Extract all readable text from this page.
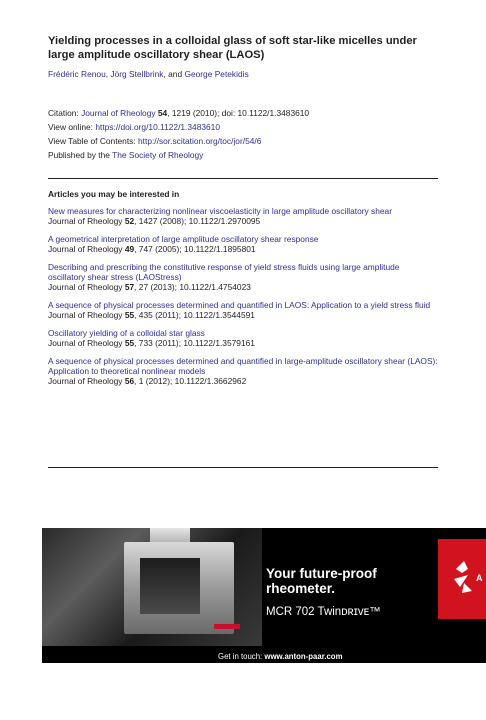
Yielding processes in a colloidal glass of soft star-like micelles under large amplitude oscillatory shear (LAOS)
Frédéric Renou, Jörg Stellbrink, and George Petekidis
Citation: Journal of Rheology 54, 1219 (2010); doi: 10.1122/1.3483610
View online: https://doi.org/10.1122/1.3483610
View Table of Contents: http://sor.scitation.org/toc/jor/54/6
Published by the The Society of Rheology
Articles you may be interested in
New measures for characterizing nonlinear viscoelasticity in large amplitude oscillatory shear
Journal of Rheology 52, 1427 (2008); 10.1122/1.2970095
A geometrical interpretation of large amplitude oscillatory shear response
Journal of Rheology 49, 747 (2005); 10.1122/1.1895801
Describing and prescribing the constitutive response of yield stress fluids using large amplitude oscillatory shear stress (LAOStress)
Journal of Rheology 57, 27 (2013); 10.1122/1.4754023
A sequence of physical processes determined and quantified in LAOS: Application to a yield stress fluid
Journal of Rheology 55, 435 (2011); 10.1122/1.3544591
Oscillatory yielding of a colloidal star glass
Journal of Rheology 55, 733 (2011); 10.1122/1.3579161
A sequence of physical processes determined and quantified in large-amplitude oscillatory shear (LAOS): Application to theoretical nonlinear models
Journal of Rheology 56, 1 (2012); 10.1122/1.3662962
Your future-proof
rheometer.
MCR 702 Twinᴅʀɪᴠᴇ™
Get in touch: www.anton-paar.com
A
